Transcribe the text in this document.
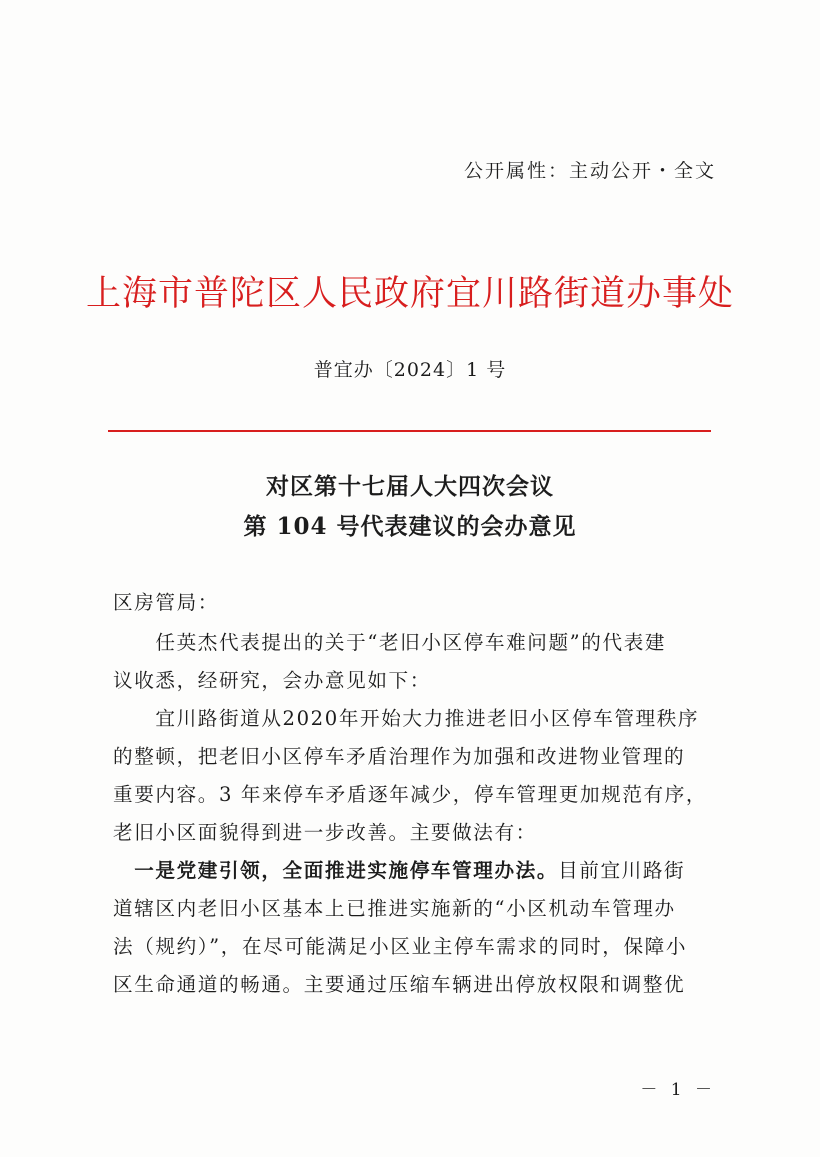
公开属性：主动公开・全文
上海市普陀区人民政府宜川路街道办事处
普宜办〔2024〕1 号
对区第十七届人大四次会议
第 104 号代表建议的会办意见
区房管局：
　　任英杰代表提出的关于“老旧小区停车难问题”的代表建
议收悉，经研究，会办意见如下：
　　宜川路街道从2020年开始大力推进老旧小区停车管理秩序
的整顿，把老旧小区停车矛盾治理作为加强和改进物业管理的
重要内容。3 年来停车矛盾逐年减少，停车管理更加规范有序，
老旧小区面貌得到进一步改善。主要做法有：
　一是党建引领，全面推进实施停车管理办法。目前宜川路街
道辖区内老旧小区基本上已推进实施新的“小区机动车管理办
法（规约）”，在尽可能满足小区业主停车需求的同时，保障小
区生命通道的畅通。主要通过压缩车辆进出停放权限和调整优
－ 1 －
